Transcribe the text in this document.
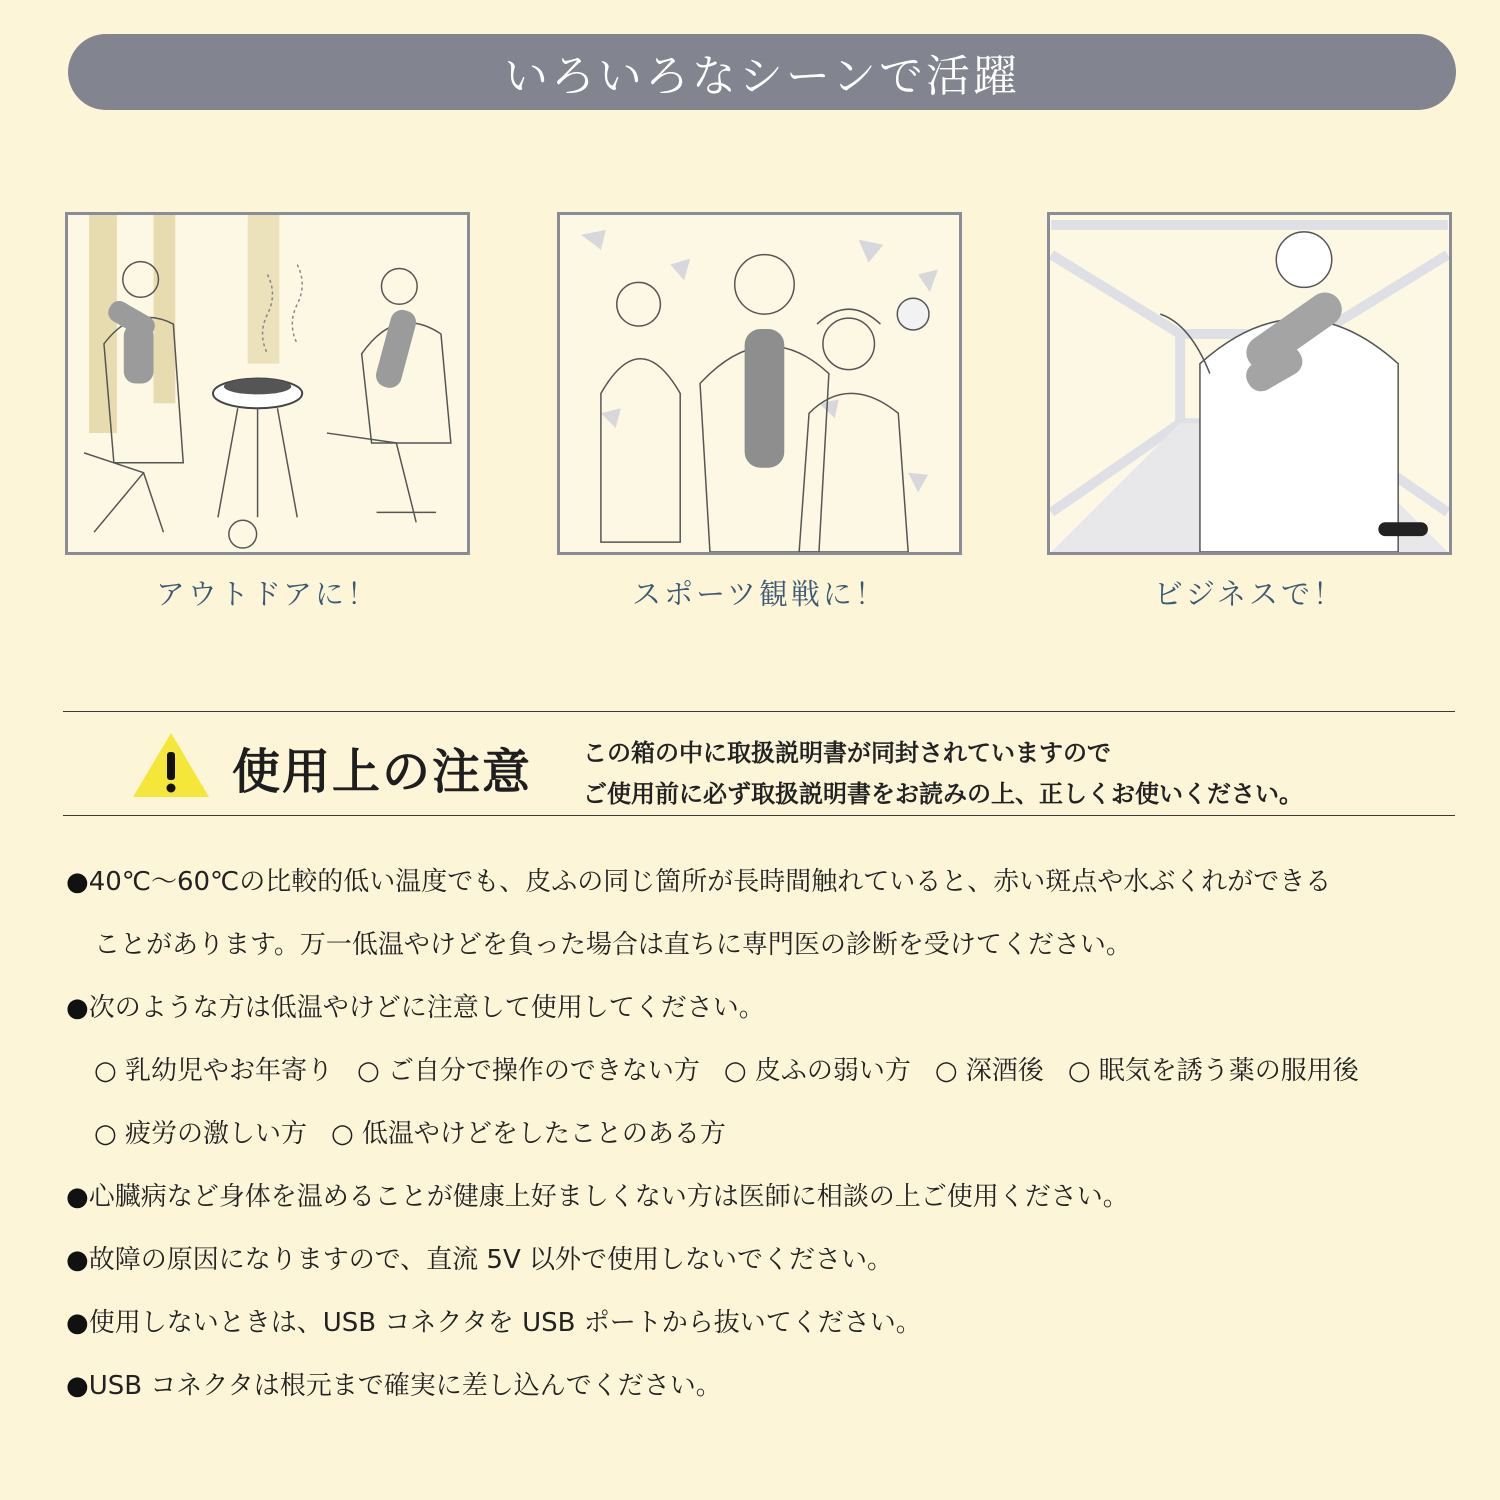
いろいろなシーンで活躍
アウトドアに！	スポーツ観戦に！	ビジネスで！
使用上の注意 この箱の中に取扱説明書が同封されていますので
ご使用前に必ず取扱説明書をお読みの上、正しくお使いください。
●40℃～60℃の比較的低い温度でも、皮ふの同じ箇所が長時間触れていると、赤い斑点や水ぶくれができる
ことがあります。万一低温やけどを負った場合は直ちに専門医の診断を受けてください。
●次のような方は低温やけどに注意して使用してください。
○ 乳幼児やお年寄り ○ ご自分で操作のできない方 ○ 皮ふの弱い方 ○ 深酒後 ○ 眠気を誘う薬の服用後
○ 疲労の激しい方 ○ 低温やけどをしたことのある方
●心臓病など身体を温めることが健康上好ましくない方は医師に相談の上ご使用ください。
●故障の原因になりますので、直流 5V 以外で使用しないでください。
●使用しないときは、USB コネクタを USB ポートから抜いてください。
●USB コネクタは根元まで確実に差し込んでください。
